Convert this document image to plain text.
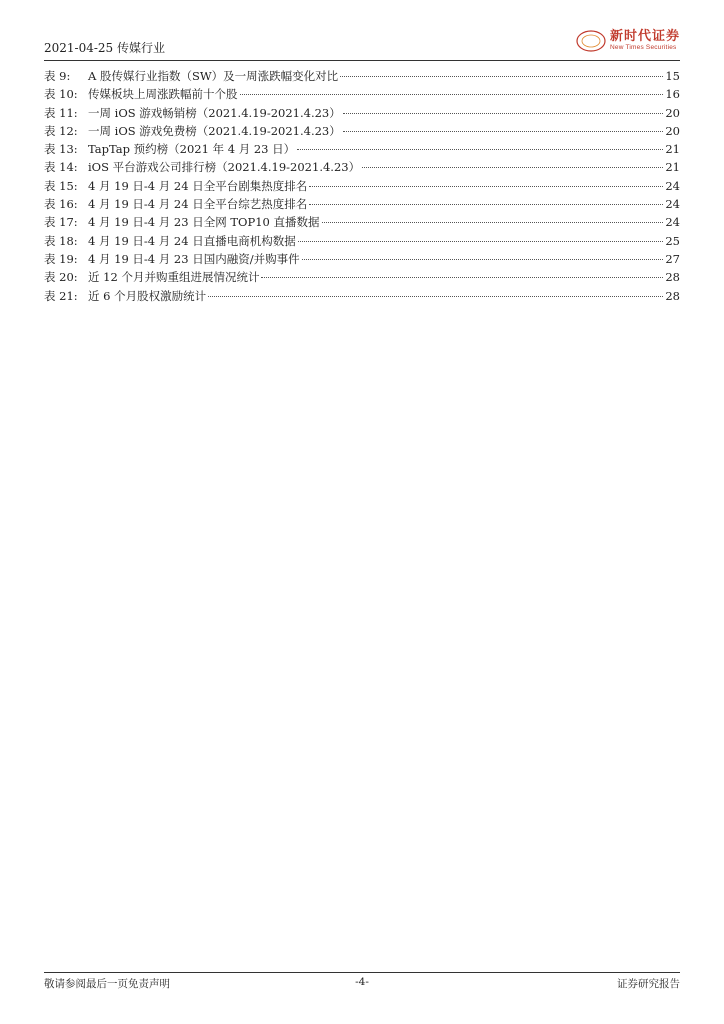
2021-04-25 传媒行业
新时代证券
New Times Securities
表 9:	A 股传媒行业指数（SW）及一周涨跌幅变化对比	15
表 10: 传媒板块上周涨跌幅前十个股	16
表 11: 一周 iOS 游戏畅销榜（2021.4.19-2021.4.23）	20
表 12: 一周 iOS 游戏免费榜（2021.4.19-2021.4.23）	20
表 13: TapTap 预约榜（2021 年 4 月 23 日）	21
表 14: iOS 平台游戏公司排行榜（2021.4.19-2021.4.23）	21
表 15: 4 月 19 日-4 月 24 日全平台剧集热度排名	24
表 16: 4 月 19 日-4 月 24 日全平台综艺热度排名	24
表 17: 4 月 19 日-4 月 23 日全网 TOP10 直播数据	24
表 18: 4 月 19 日-4 月 24 日直播电商机构数据	25
表 19: 4 月 19 日-4 月 23 日国内融资/并购事件	27
表 20: 近 12 个月并购重组进展情况统计	28
表 21: 近 6 个月股权激励统计	28
敬请参阅最后一页免责声明	-4-	证券研究报告
